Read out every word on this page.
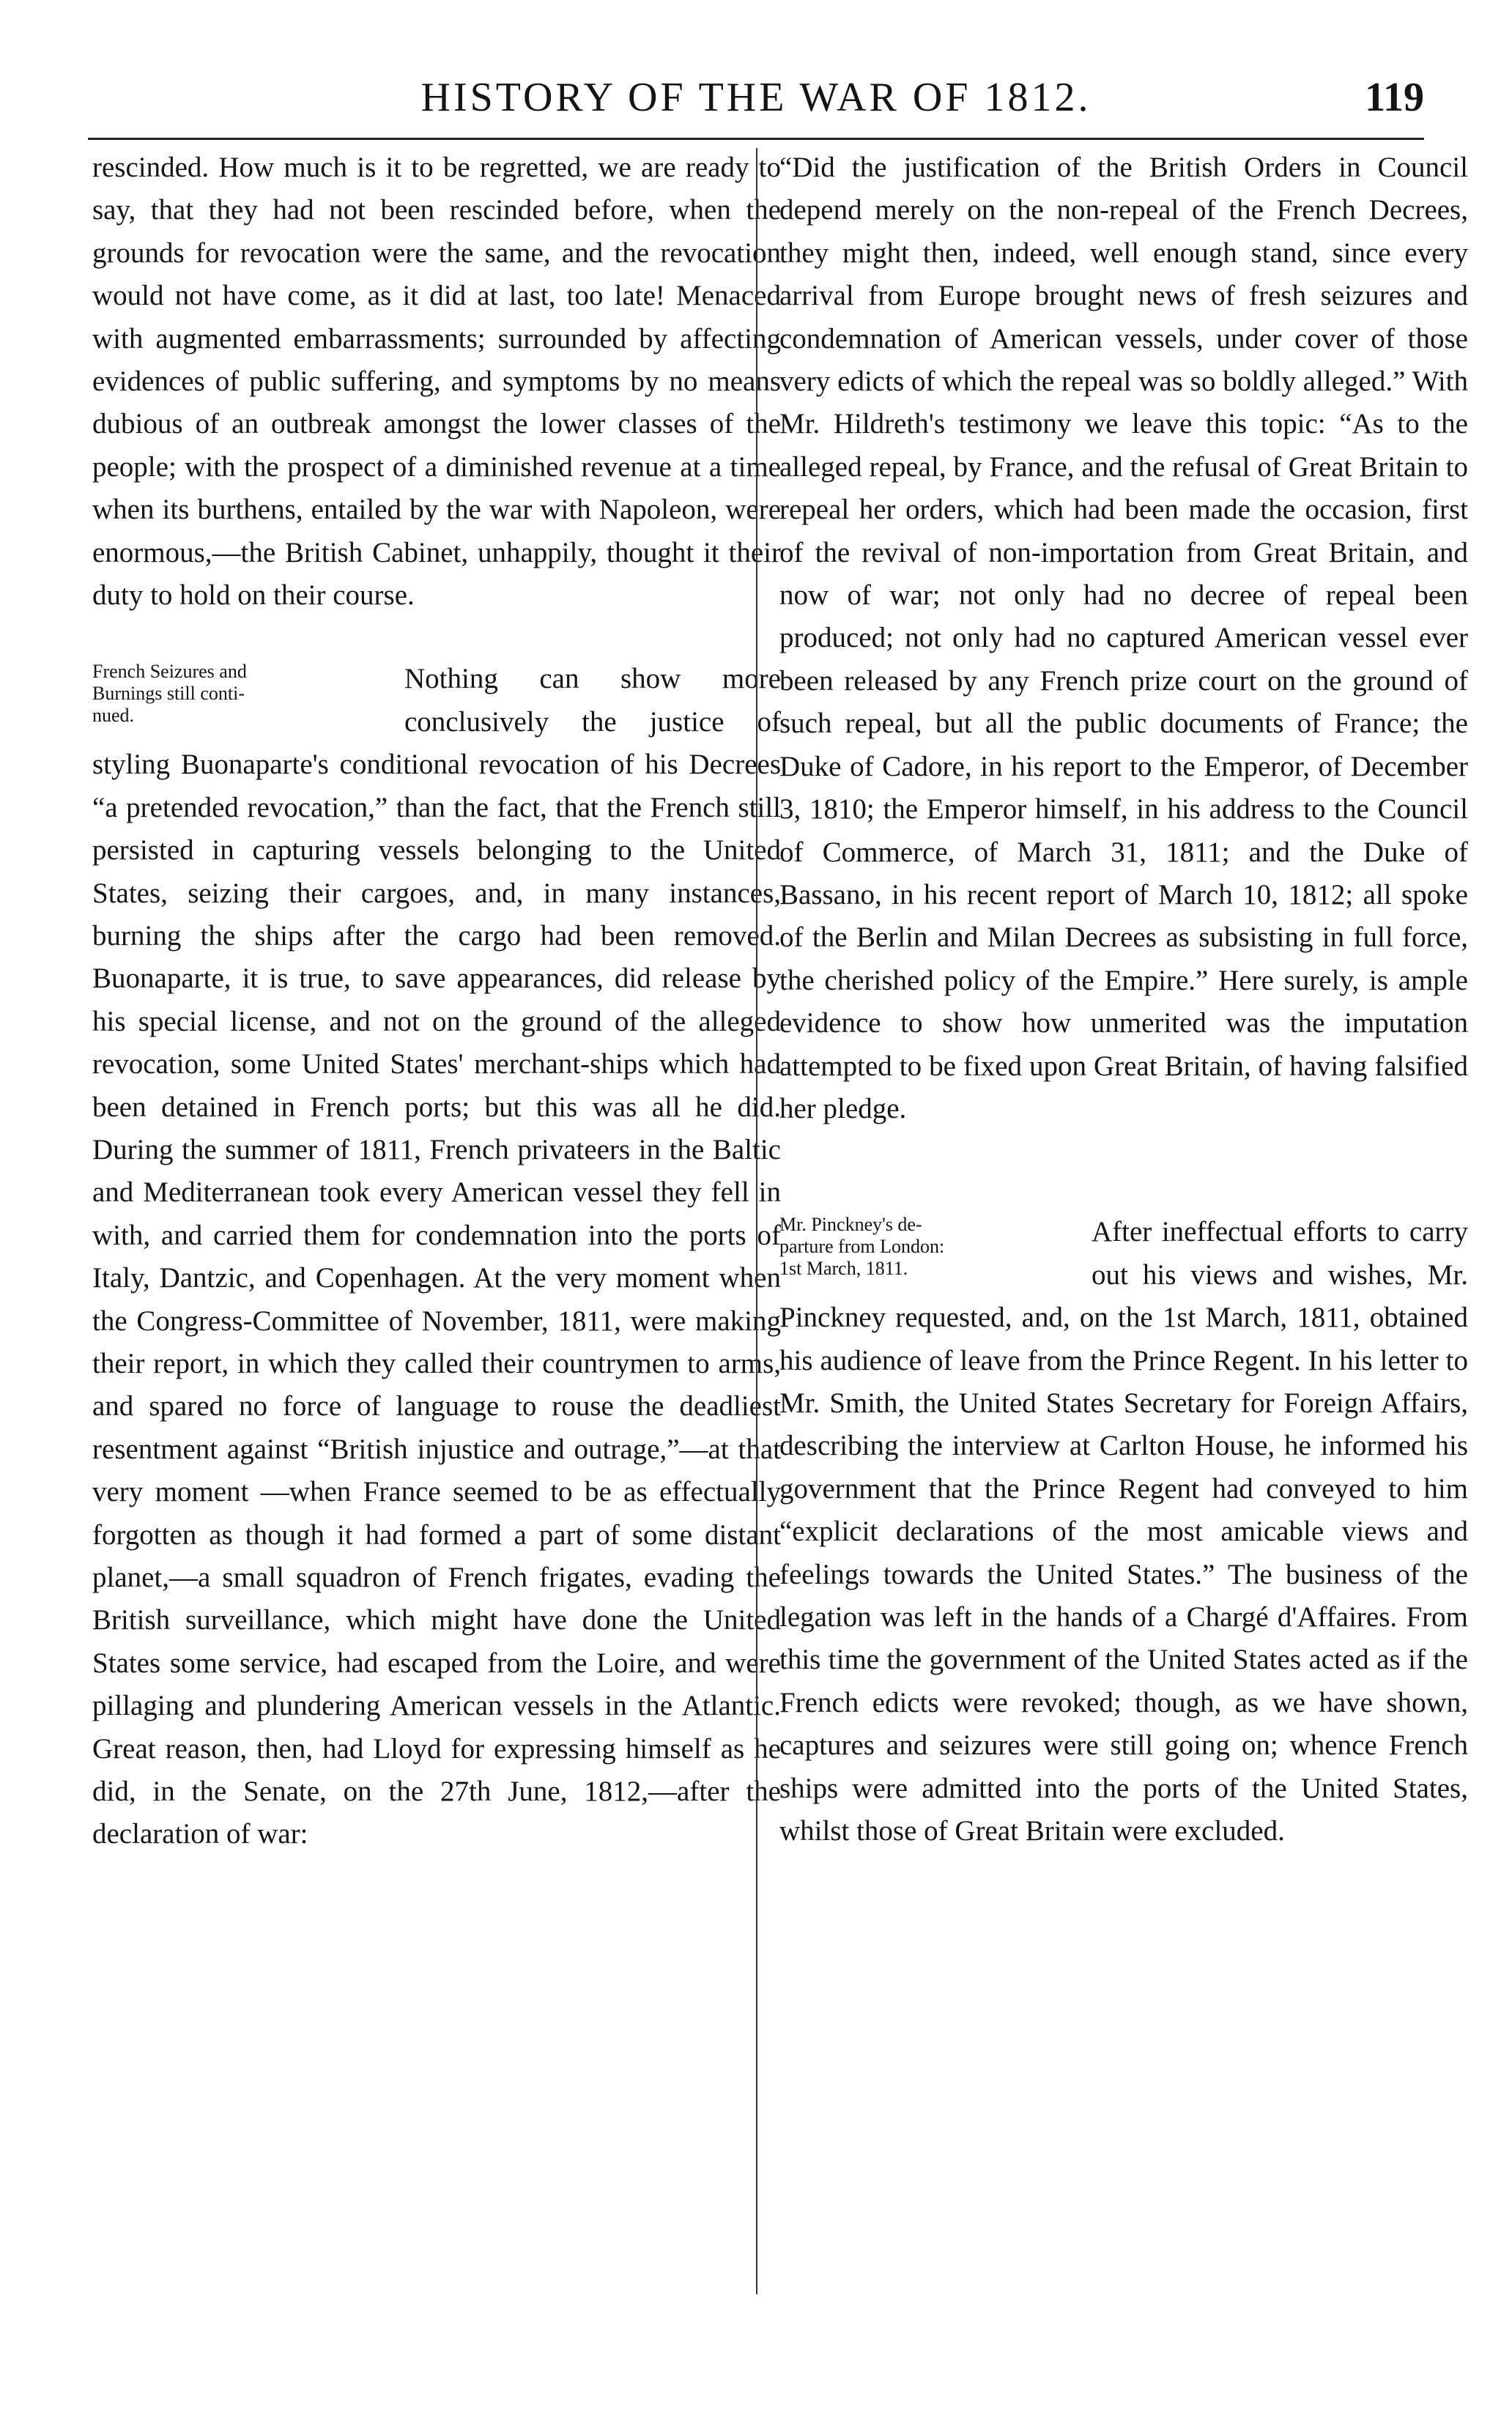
HISTORY OF THE WAR OF 1812.	119

rescinded. How much is it to be regretted, we are ready to say, that they had not been rescinded before, when the grounds for revocation were the same, and the revocation would not have come, as it did at last, too late! Menaced with augmented embarrassments; surrounded by affecting evidences of public suffering, and symptoms by no means dubious of an outbreak amongst the lower classes of the people; with the prospect of a diminished revenue at a time when its burthens, entailed by the war with Napoleon, were enormous,—the British Cabinet, unhappily, thought it their duty to hold on their course.

French Seizures and
Burnings still conti-
nued.

Nothing can show more conclusively the justice of styling Buonaparte's conditional revocation of his Decrees “a pretended revocation,” than the fact, that the French still persisted in capturing vessels belonging to the United States, seizing their cargoes, and, in many instances, burning the ships after the cargo had been removed. Buonaparte, it is true, to save appearances, did release by his special license, and not on the ground of the alleged revocation, some United States' merchant-ships which had been detained in French ports; but this was all he did. During the summer of 1811, French privateers in the Baltic and Mediterranean took every American vessel they fell in with, and carried them for condemnation into the ports of Italy, Dantzic, and Copenhagen. At the very moment when the Congress-Committee of November, 1811, were making their report, in which they called their countrymen to arms, and spared no force of language to rouse the deadliest resentment against “British injustice and outrage,”—at that very moment —when France seemed to be as effectually forgotten as though it had formed a part of some distant planet,—a small squadron of French frigates, evading the British surveillance, which might have done the United States some service, had escaped from the Loire, and were pillaging and plundering American vessels in the Atlantic. Great reason, then, had Lloyd for expressing himself as he did, in the Senate, on the 27th June, 1812,—after the declaration of war:

“Did the justification of the British Orders in Council depend merely on the non-repeal of the French Decrees, they might then, indeed, well enough stand, since every arrival from Europe brought news of fresh seizures and condemnation of American vessels, under cover of those very edicts of which the repeal was so boldly alleged.” With Mr. Hildreth's testimony we leave this topic: “As to the alleged repeal, by France, and the refusal of Great Britain to repeal her orders, which had been made the occasion, first of the revival of non-importation from Great Britain, and now of war; not only had no decree of repeal been produced; not only had no captured American vessel ever been released by any French prize court on the ground of such repeal, but all the public documents of France; the Duke of Cadore, in his report to the Emperor, of December 3, 1810; the Emperor himself, in his address to the Council of Commerce, of March 31, 1811; and the Duke of Bassano, in his recent report of March 10, 1812; all spoke of the Berlin and Milan Decrees as subsisting in full force, the cherished policy of the Empire.” Here surely, is ample evidence to show how unmerited was the imputation attempted to be fixed upon Great Britain, of having falsified her pledge.

Mr. Pinckney's de-
parture from London:
1st March, 1811.

After ineffectual efforts to carry out his views and wishes, Mr. Pinckney requested, and, on the 1st March, 1811, obtained his audience of leave from the Prince Regent. In his letter to Mr. Smith, the United States Secretary for Foreign Affairs, describing the interview at Carlton House, he informed his government that the Prince Regent had conveyed to him “explicit declarations of the most amicable views and feelings towards the United States.” The business of the legation was left in the hands of a Chargé d'Affaires. From this time the government of the United States acted as if the French edicts were revoked; though, as we have shown, captures and seizures were still going on; whence French ships were admitted into the ports of the United States, whilst those of Great Britain were excluded.
